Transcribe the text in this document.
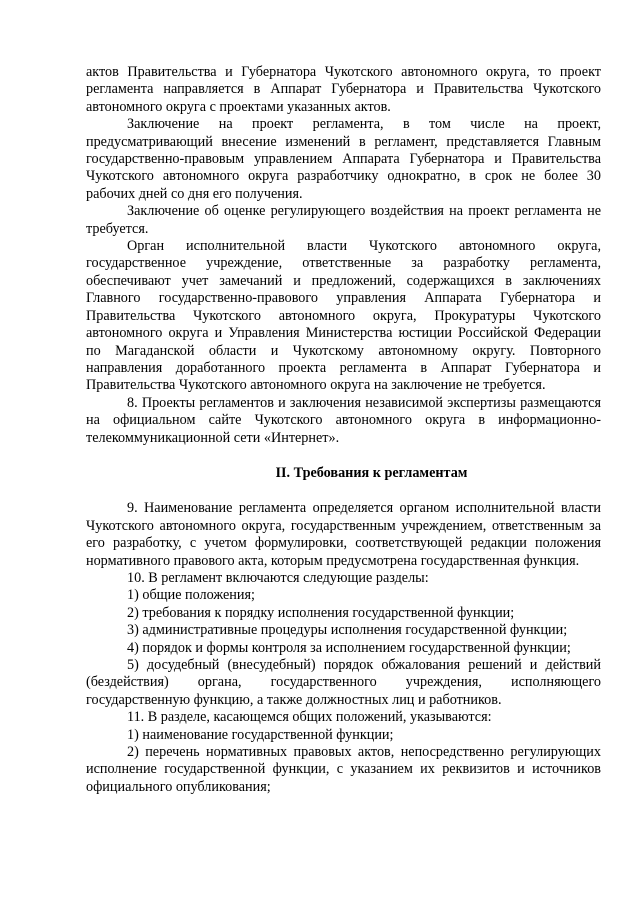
актов Правительства и Губернатора Чукотского автономного округа, то проект регламента направляется в Аппарат Губернатора и Правительства Чукотского автономного округа с проектами указанных актов.

Заключение на проект регламента, в том числе на проект, предусматривающий внесение изменений в регламент, представляется Главным государственно-правовым управлением Аппарата Губернатора и Правительства Чукотского автономного округа разработчику однократно, в срок не более 30 рабочих дней со дня его получения.

Заключение об оценке регулирующего воздействия на проект регламента не требуется.

Орган исполнительной власти Чукотского автономного округа, государственное учреждение, ответственные за разработку регламента, обеспечивают учет замечаний и предложений, содержащихся в заключениях Главного государственно-правового управления Аппарата Губернатора и Правительства Чукотского автономного округа, Прокуратуры Чукотского автономного округа и Управления Министерства юстиции Российской Федерации по Магаданской области и Чукотскому автономному округу. Повторного направления доработанного проекта регламента в Аппарат Губернатора и Правительства Чукотского автономного округа на заключение не требуется.

8. Проекты регламентов и заключения независимой экспертизы размещаются на официальном сайте Чукотского автономного округа в информационно-телекоммуникационной сети «Интернет».

II. Требования к регламентам

9. Наименование регламента определяется органом исполнительной власти Чукотского автономного округа, государственным учреждением, ответственным за его разработку, с учетом формулировки, соответствующей редакции положения нормативного правового акта, которым предусмотрена государственная функция.

10. В регламент включаются следующие разделы:

1) общие положения;

2) требования к порядку исполнения государственной функции;

3) административные процедуры исполнения государственной функции;

4) порядок и формы контроля за исполнением государственной функции;

5) досудебный (внесудебный) порядок обжалования решений и действий (бездействия) органа, государственного учреждения, исполняющего государственную функцию, а также должностных лиц и работников.

11. В разделе, касающемся общих положений, указываются:

1) наименование государственной функции;

2) перечень нормативных правовых актов, непосредственно регулирующих исполнение государственной функции, с указанием их реквизитов и источников официального опубликования;
